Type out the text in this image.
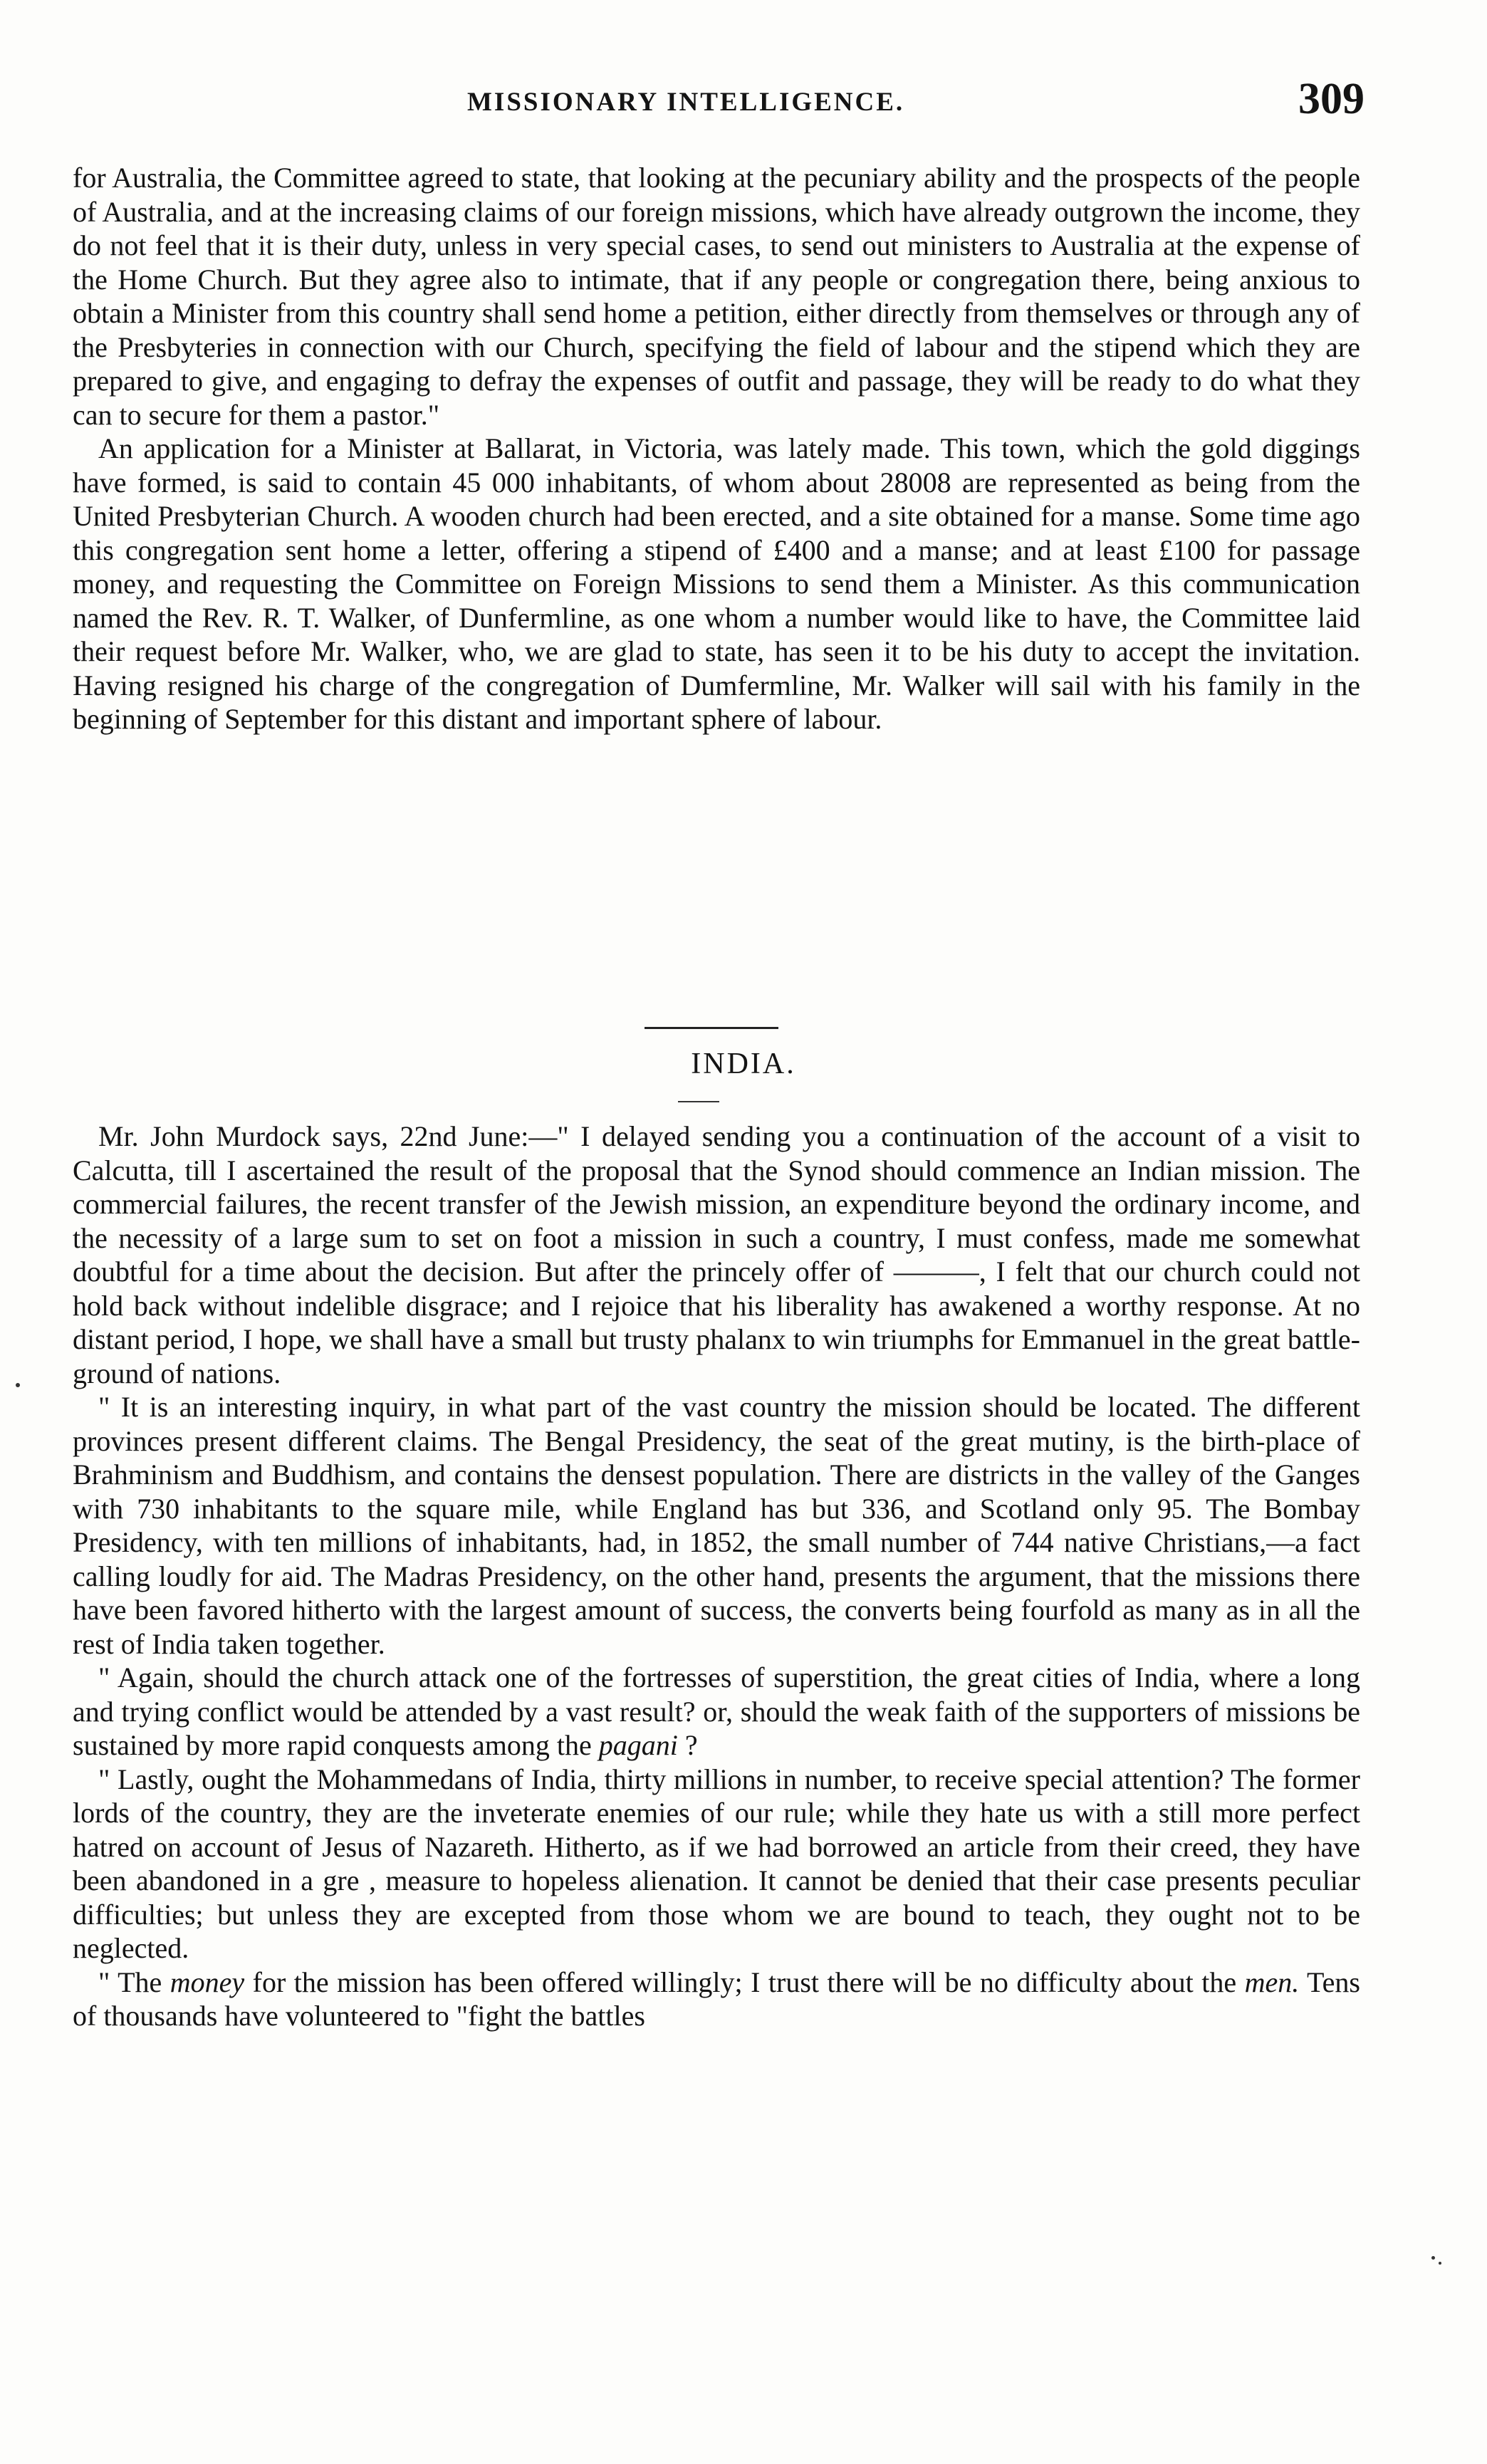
MISSIONARY INTELLIGENCE.	309

for Australia, the Committee agreed to state, that looking at the pecuniary ability and the prospects of the people of Australia, and at the increasing claims of our foreign missions, which have already outgrown the income, they do not feel that it is their duty, unless in very special cases, to send out ministers to Australia at the expense of the Home Church. But they agree also to intimate, that if any people or congregation there, being anxious to obtain a Minister from this country shall send home a petition, either directly from themselves or through any of the Presbyteries in connection with our Church, specifying the field of labour and the stipend which they are prepared to give, and engaging to defray the expenses of outfit and passage, they will be ready to do what they can to secure for them a pastor."

An application for a Minister at Ballarat, in Victoria, was lately made. This town, which the gold diggings have formed, is said to contain 45 000 inhabitants, of whom about 28008 are represented as being from the United Presbyterian Church. A wooden church had been erected, and a site obtained for a manse. Some time ago this congregation sent home a letter, offering a stipend of £400 and a manse; and at least £100 for passage money, and requesting the Committee on Foreign Missions to send them a Minister. As this communication named the Rev. R. T. Walker, of Dunfermline, as one whom a number would like to have, the Committee laid their request before Mr. Walker, who, we are glad to state, has seen it to be his duty to accept the invitation. Having resigned his charge of the congregation of Dumfermline, Mr. Walker will sail with his family in the beginning of September for this distant and important sphere of labour.

INDIA.

Mr. John Murdock says, 22nd June:—" I delayed sending you a continuation of the account of a visit to Calcutta, till I ascertained the result of the proposal that the Synod should commence an Indian mission. The commercial failures, the recent transfer of the Jewish mission, an expenditure beyond the ordinary income, and the necessity of a large sum to set on foot a mission in such a country, I must confess, made me somewhat doubtful for a time about the decision. But after the princely offer of ———, I felt that our church could not hold back without indelible disgrace; and I rejoice that his liberality has awakened a worthy response. At no distant period, I hope, we shall have a small but trusty phalanx to win triumphs for Emmanuel in the great battle-ground of nations.

" It is an interesting inquiry, in what part of the vast country the mission should be located. The different provinces present different claims. The Bengal Presidency, the seat of the great mutiny, is the birth-place of Brahminism and Buddhism, and contains the densest population. There are districts in the valley of the Ganges with 730 inhabitants to the square mile, while England has but 336, and Scotland only 95. The Bombay Presidency, with ten millions of inhabitants, had, in 1852, the small number of 744 native Christians,—a fact calling loudly for aid. The Madras Presidency, on the other hand, presents the argument, that the missions there have been favored hitherto with the largest amount of success, the converts being fourfold as many as in all the rest of India taken together.

" Again, should the church attack one of the fortresses of superstition, the great cities of India, where a long and trying conflict would be attended by a vast result? or, should the weak faith of the supporters of missions be sustained by more rapid conquests among the pagani ?

" Lastly, ought the Mohammedans of India, thirty millions in number, to receive special attention? The former lords of the country, they are the inveterate enemies of our rule; while they hate us with a still more perfect hatred on account of Jesus of Nazareth. Hitherto, as if we had borrowed an article from their creed, they have been abandoned in a gre , measure to hopeless alienation. It cannot be denied that their case presents peculiar difficulties; but unless they are excepted from those whom we are bound to teach, they ought not to be neglected.

" The money for the mission has been offered willingly; I trust there will be no difficulty about the men. Tens of thousands have volunteered to "fight the battles
